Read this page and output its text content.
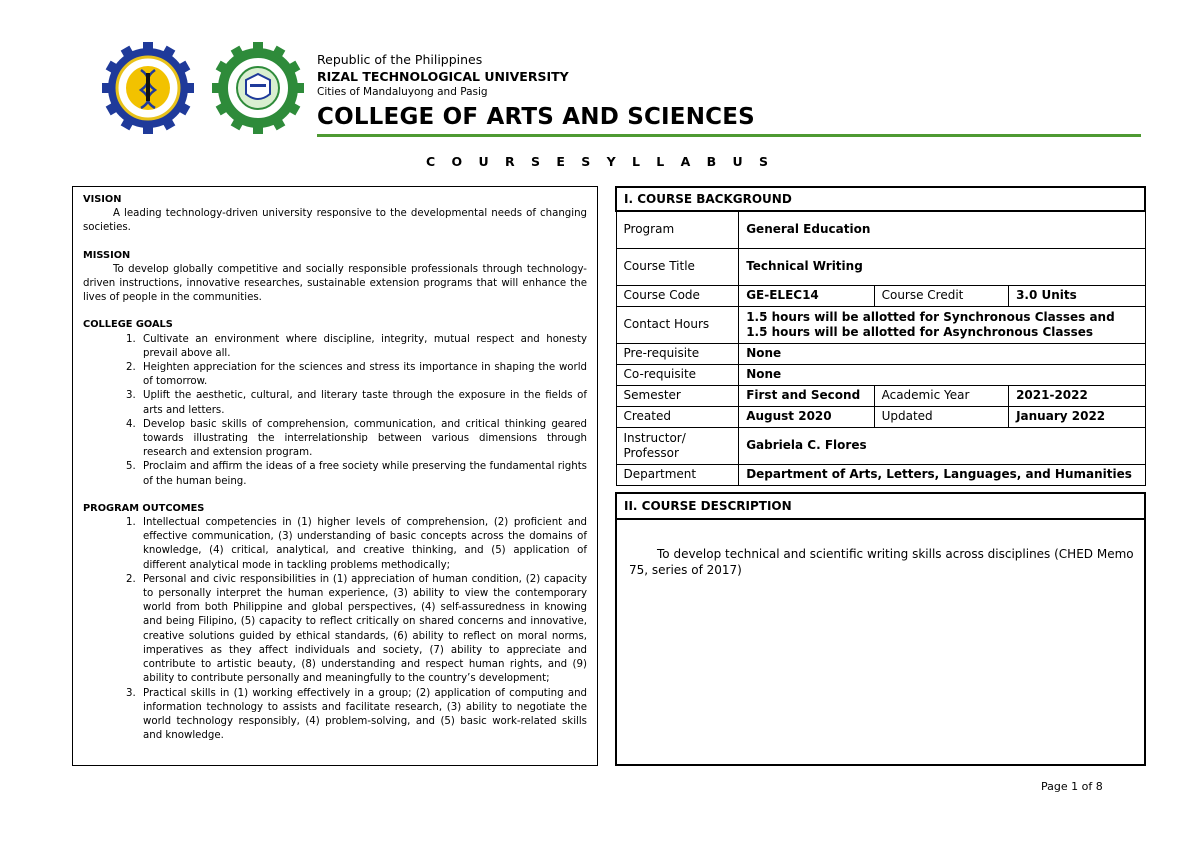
Republic of the Philippines
RIZAL TECHNOLOGICAL UNIVERSITY
Cities of Mandaluyong and Pasig
COLLEGE OF ARTS AND SCIENCES
C O U R S E S Y L L A B U S
VISION
A leading technology-driven university responsive to the developmental needs of changing societies.
MISSION
To develop globally competitive and socially responsible professionals through technology-driven instructions, innovative researches, sustainable extension programs that will enhance the lives of people in the communities.
COLLEGE GOALS
1. Cultivate an environment where discipline, integrity, mutual respect and honesty prevail above all.
2. Heighten appreciation for the sciences and stress its importance in shaping the world of tomorrow.
3. Uplift the aesthetic, cultural, and literary taste through the exposure in the fields of arts and letters.
4. Develop basic skills of comprehension, communication, and critical thinking geared towards illustrating the interrelationship between various dimensions through research and extension program.
5. Proclaim and affirm the ideas of a free society while preserving the fundamental rights of the human being.
PROGRAM OUTCOMES
1. Intellectual competencies in (1) higher levels of comprehension, (2) proficient and effective communication, (3) understanding of basic concepts across the domains of knowledge, (4) critical, analytical, and creative thinking, and (5) application of different analytical mode in tackling problems methodically;
2. Personal and civic responsibilities in (1) appreciation of human condition, (2) capacity to personally interpret the human experience, (3) ability to view the contemporary world from both Philippine and global perspectives, (4) self-assuredness in knowing and being Filipino, (5) capacity to reflect critically on shared concerns and innovative, creative solutions guided by ethical standards, (6) ability to reflect on moral norms, imperatives as they affect individuals and society, (7) ability to appreciate and contribute to artistic beauty, (8) understanding and respect human rights, and (9) ability to contribute personally and meaningfully to the country’s development;
3. Practical skills in (1) working effectively in a group; (2) application of computing and information technology to assists and facilitate research, (3) ability to negotiate the world technology responsibly, (4) problem-solving, and (5) basic work-related skills and knowledge.
I. COURSE BACKGROUND			
Program	General Education		
Course Title	Technical Writing		
Course Code	GE-ELEC14	Course Credit	3.0 Units
Contact Hours	1.5 hours will be allotted for Synchronous Classes and
1.5 hours will be allotted for Asynchronous Classes		

Pre-requisite	None		
Co-requisite	None		
Semester	First and Second	Academic Year	2021-2022
Created	August 2020	Updated	January 2022

Instructor/
Professor	Gabriela C. Flores		
Department	Department of Arts, Letters, Languages, and Humanities		
II. COURSE DESCRIPTION
To develop technical and scientific writing skills across disciplines (CHED Memo 75, series of 2017)
Page 1 of 8
